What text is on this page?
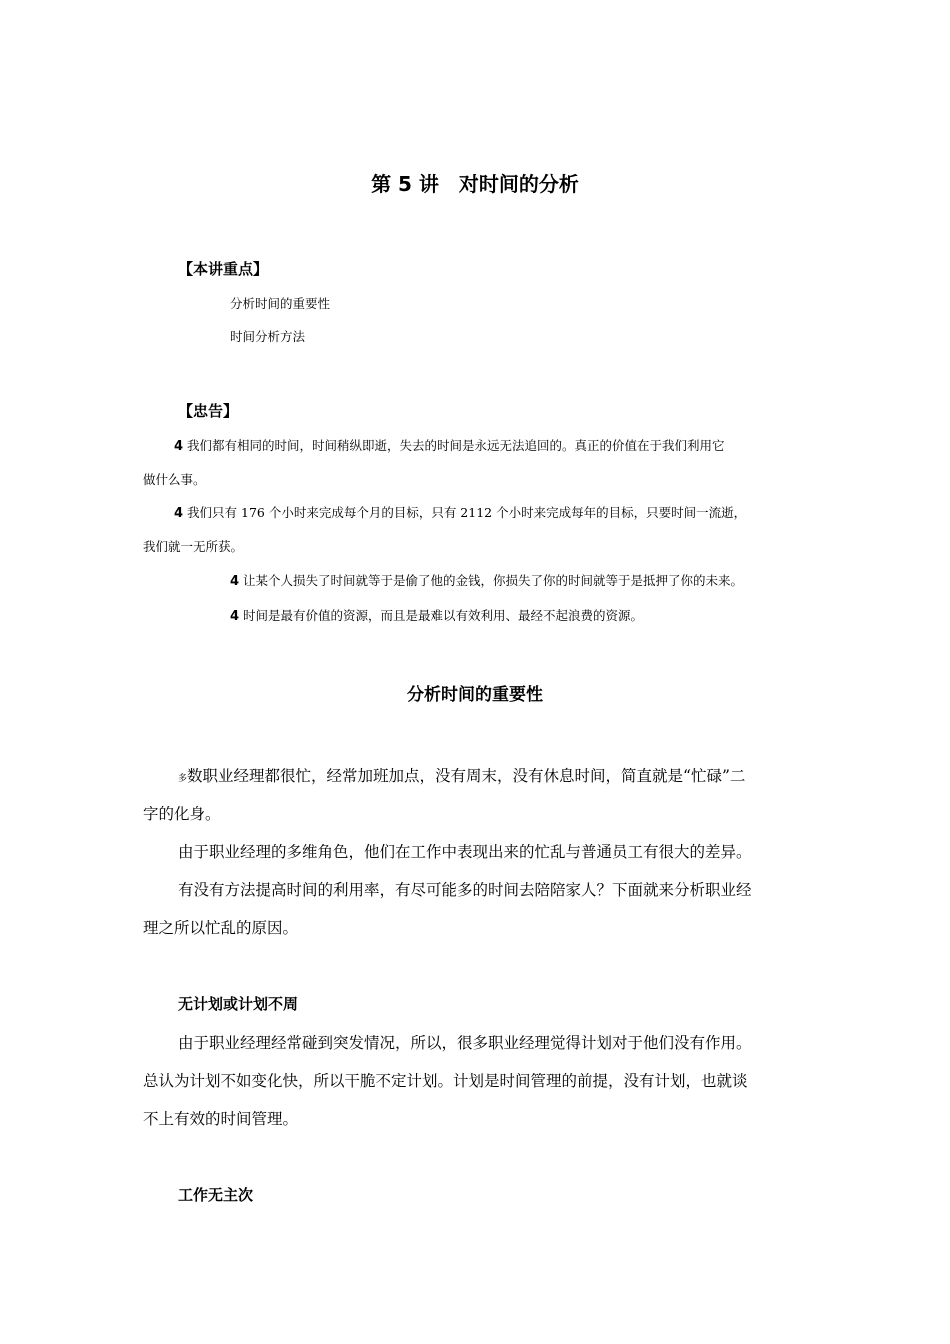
第 5 讲　对时间的分析
【本讲重点】
分析时间的重要性
时间分析方法
【忠告】
4 我们都有相同的时间，时间稍纵即逝，失去的时间是永远无法追回的。真正的价值在于我们利用它
做什么事。
4 我们只有 176 个小时来完成每个月的目标，只有 2112 个小时来完成每年的目标，只要时间一流逝，
我们就一无所获。
4 让某个人损失了时间就等于是偷了他的金钱，你损失了你的时间就等于是抵押了你的未来。
4 时间是最有价值的资源，而且是最难以有效利用、最经不起浪费的资源。
分析时间的重要性
多数职业经理都很忙，经常加班加点，没有周末，没有休息时间，简直就是“忙碌”二
字的化身。
由于职业经理的多维角色，他们在工作中表现出来的忙乱与普通员工有很大的差异。
有没有方法提高时间的利用率，有尽可能多的时间去陪陪家人？下面就来分析职业经
理之所以忙乱的原因。
无计划或计划不周
由于职业经理经常碰到突发情况，所以，很多职业经理觉得计划对于他们没有作用。
总认为计划不如变化快，所以干脆不定计划。计划是时间管理的前提，没有计划，也就谈
不上有效的时间管理。
工作无主次
